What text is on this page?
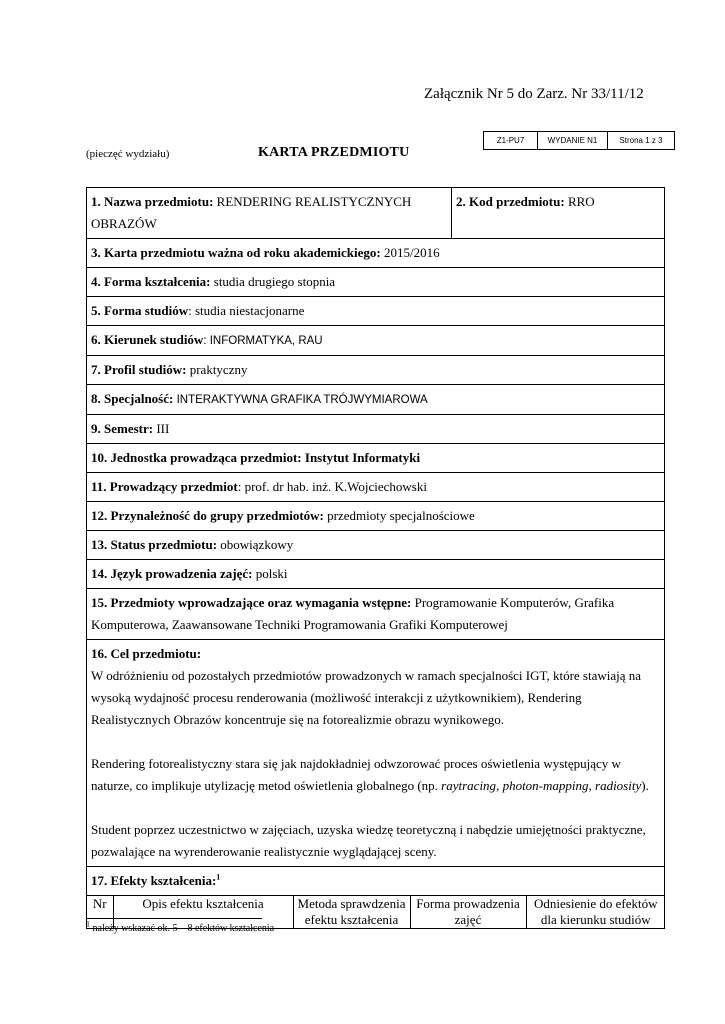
Załącznik Nr 5 do Zarz. Nr 33/11/12
Z1-PU7	WYDANIE N1	Strona 1 z 3
(pieczęć wydziału)	KARTA PRZEDMIOTU
1. Nazwa przedmiotu: RENDERING REALISTYCZNYCH OBRAZÓW	2. Kod przedmiotu: RRO
3. Karta przedmiotu ważna od roku akademickiego: 2015/2016
4. Forma kształcenia: studia drugiego stopnia
5. Forma studiów: studia niestacjonarne
6. Kierunek studiów: INFORMATYKA, RAU
7. Profil studiów: praktyczny
8. Specjalność: INTERAKTYWNA GRAFIKA TRÓJWYMIAROWA
9. Semestr: III
10. Jednostka prowadząca przedmiot: Instytut Informatyki
11. Prowadzący przedmiot: prof. dr hab. inż. K.Wojciechowski
12. Przynależność do grupy przedmiotów: przedmioty specjalnościowe
13. Status przedmiotu: obowiązkowy
14. Język prowadzenia zajęć: polski
15. Przedmioty wprowadzające oraz wymagania wstępne: Programowanie Komputerów, Grafika Komputerowa, Zaawansowane Techniki Programowania Grafiki Komputerowej

16. Cel przedmiotu:
W odróżnieniu od pozostałych przedmiotów prowadzonych w ramach specjalności IGT, które stawiają na wysoką wydajność procesu renderowania (możliwość interakcji z użytkownikiem), Rendering Realistycznych Obrazów koncentruje się na fotorealizmie obrazu wynikowego.
Rendering fotorealistyczny stara się jak najdokładniej odwzorować proces oświetlenia występujący w naturze, co implikuje utylizację metod oświetlenia globalnego (np. raytracing, photon-mapping, radiosity).
Student poprzez uczestnictwo w zajęciach, uzyska wiedzę teoretyczną i nabędzie umiejętności praktyczne, pozwalające na wyrenderowanie realistycznie wyglądającej sceny.

17. Efekty kształcenia:$^1$

Nr	Opis efektu kształcenia	Metoda sprawdzenia efektu kształcenia	Forma prowadzenia zajęć	Odniesienie do efektów dla kierunku studiów
$^1$ należy wskazać ok. 5 – 8 efektów kształcenia
